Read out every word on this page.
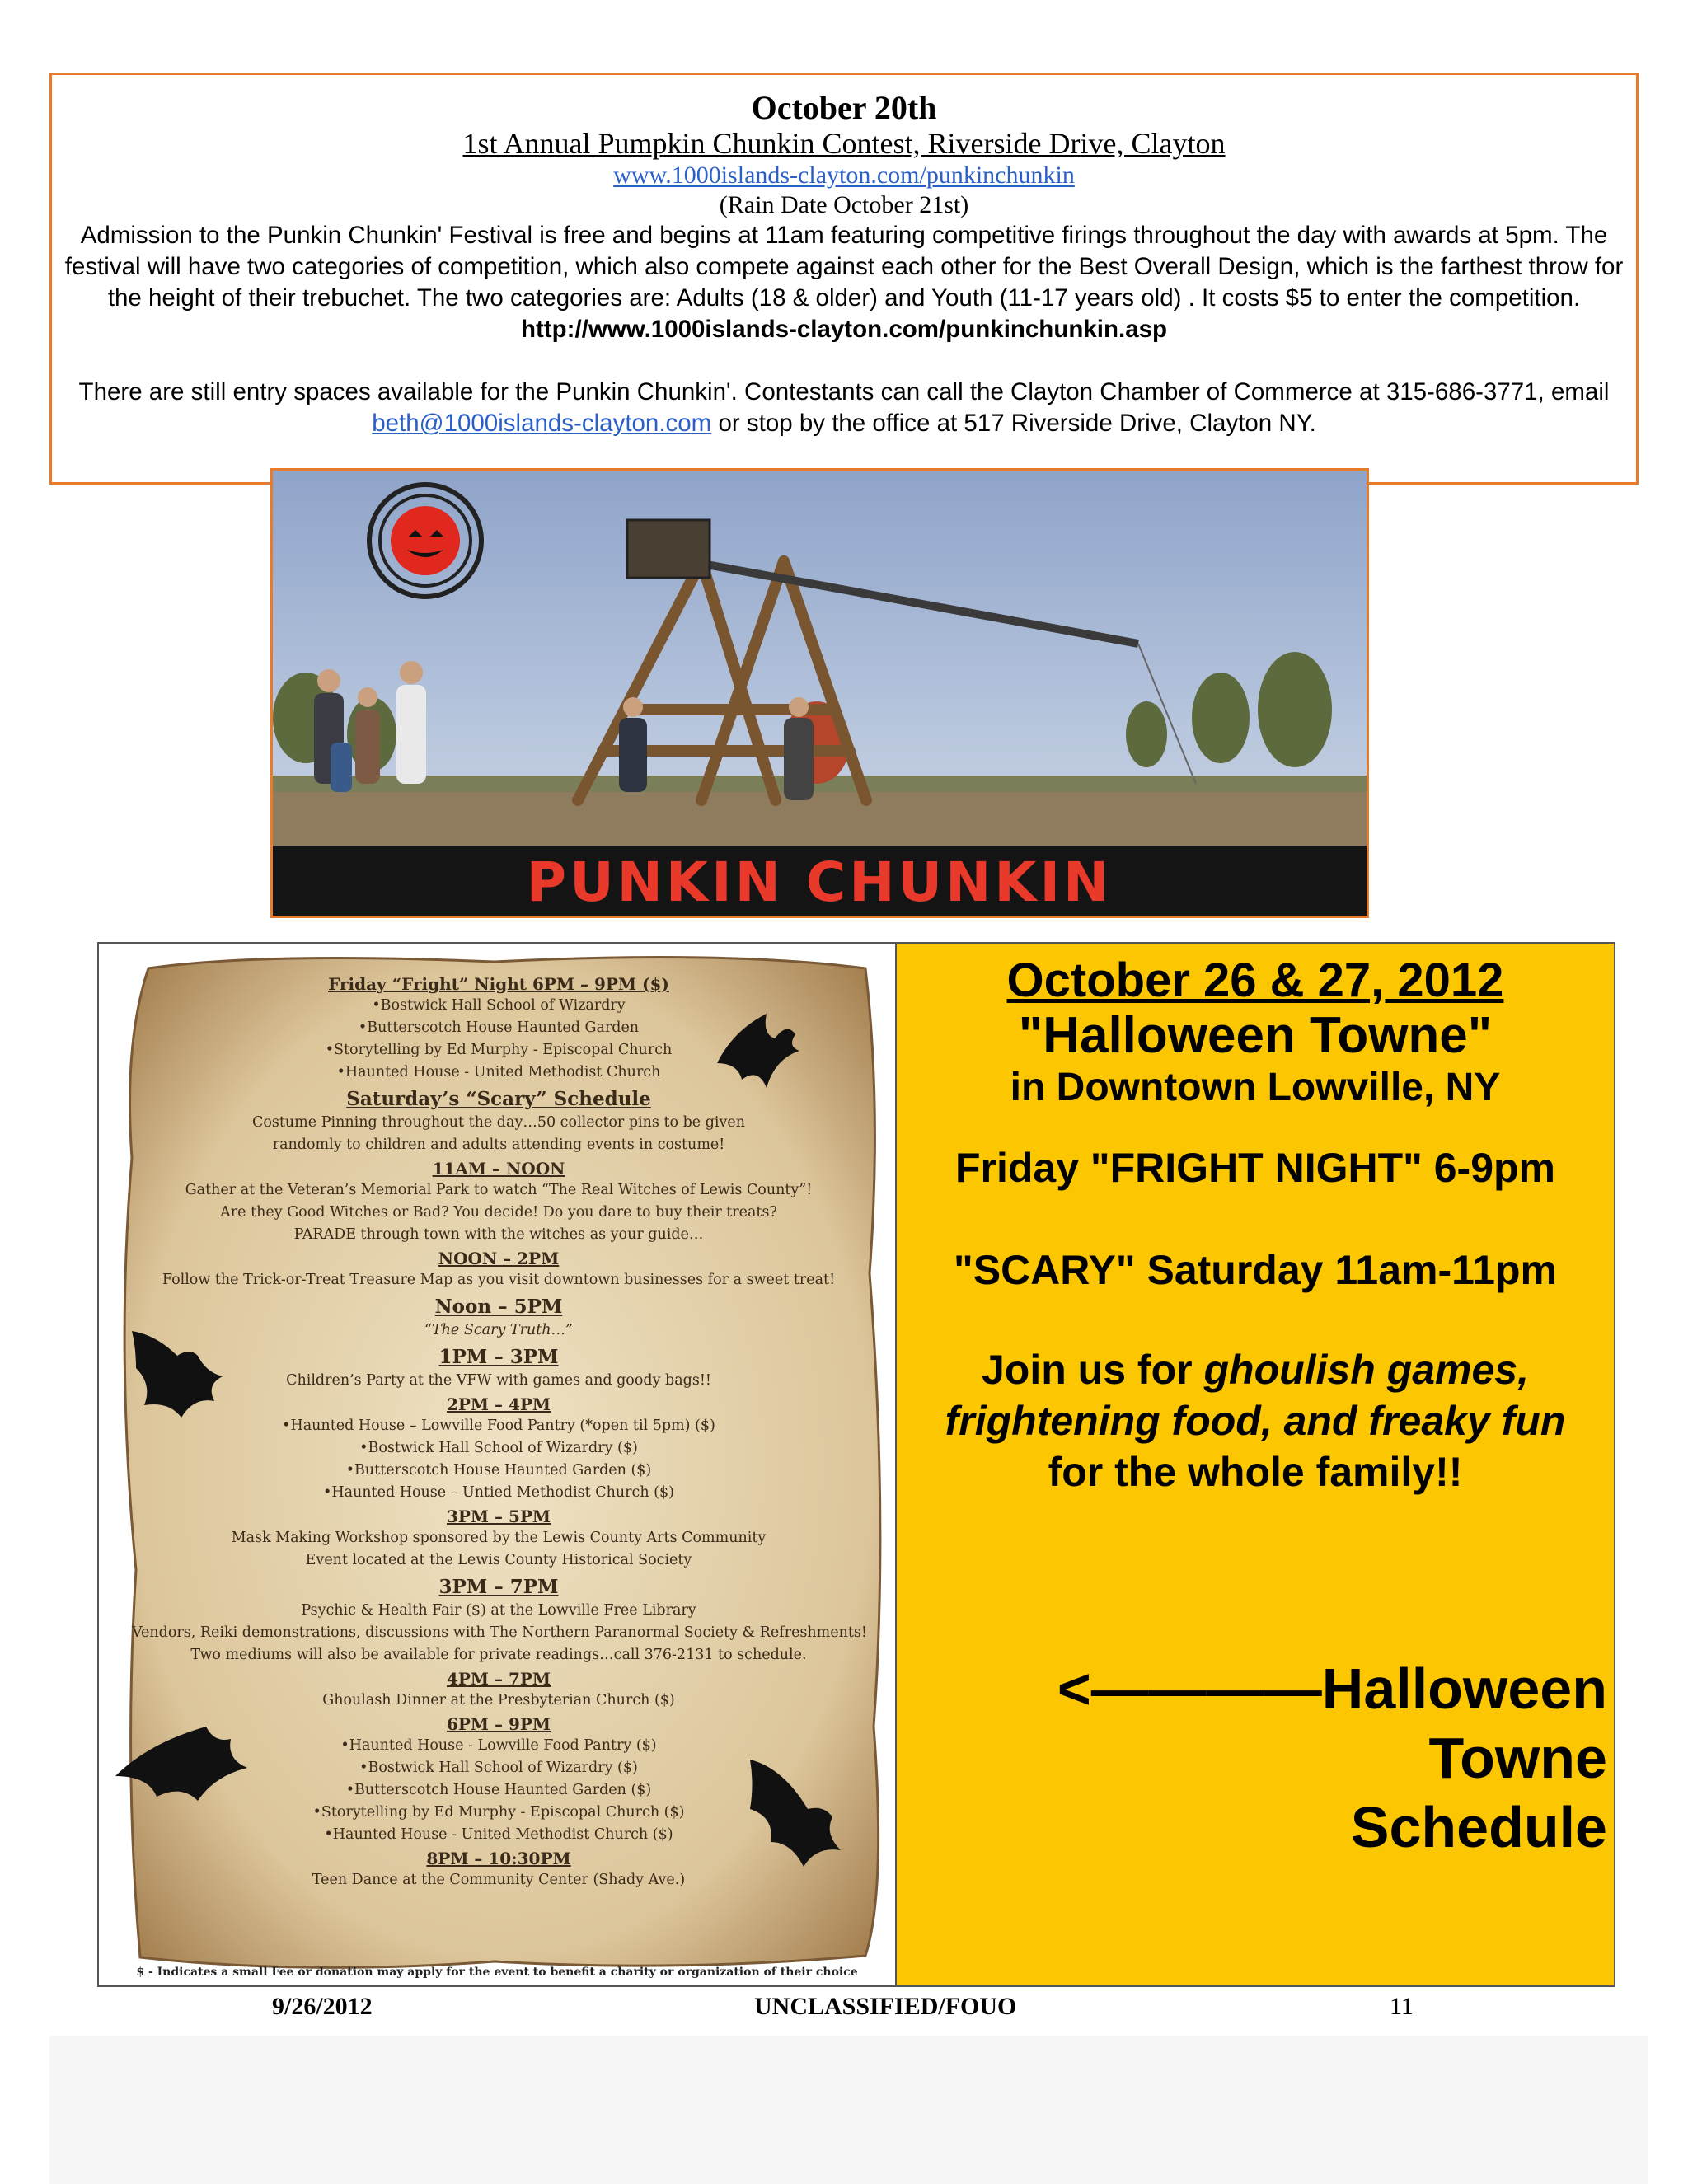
October 20th
1st Annual Pumpkin Chunkin Contest, Riverside Drive, Clayton
www.1000islands-clayton.com/punkinchunkin
(Rain Date October 21st)
Admission to the Punkin Chunkin' Festival is free and begins at 11am featuring competitive firings throughout the day with awards at 5pm. The festival will have two categories of competition, which also compete against each other for the Best Overall Design, which is the farthest throw for the height of their trebuchet. The two categories are: Adults (18 & older) and Youth (11-17 years old) . It costs $5 to enter the competition. http://www.1000islands-clayton.com/punkinchunkin.asp
There are still entry spaces available for the Punkin Chunkin'. Contestants can call the Clayton Chamber of Commerce at 315-686-3771, email beth@1000islands-clayton.com or stop by the office at 517 Riverside Drive, Clayton NY.
PUNKIN CHUNKIN
Friday “Fright” Night 6PM – 9PM ($)
•Bostwick Hall School of Wizardry
•Butterscotch House Haunted Garden
•Storytelling by Ed Murphy - Episcopal Church
•Haunted House - United Methodist Church
Saturday’s “Scary” Schedule
Costume Pinning throughout the day…50 collector pins to be given
randomly to children and adults attending events in costume!
11AM – NOON
Gather at the Veteran’s Memorial Park to watch “The Real Witches of Lewis County”!
Are they Good Witches or Bad? You decide! Do you dare to buy their treats?
PARADE through town with the witches as your guide…
NOON – 2PM
Follow the Trick-or-Treat Treasure Map as you visit downtown businesses for a sweet treat!
Noon – 5PM
“The Scary Truth…”
1PM – 3PM
Children’s Party at the VFW with games and goody bags!!
2PM – 4PM
•Haunted House – Lowville Food Pantry (*open til 5pm) ($)
•Bostwick Hall School of Wizardry ($)
•Butterscotch House Haunted Garden ($)
•Haunted House – Untied Methodist Church ($)
3PM – 5PM
Mask Making Workshop sponsored by the Lewis County Arts Community
Event located at the Lewis County Historical Society
3PM – 7PM
Psychic & Health Fair ($) at the Lowville Free Library
Vendors, Reiki demonstrations, discussions with The Northern Paranormal Society & Refreshments!
Two mediums will also be available for private readings…call 376-2131 to schedule.
4PM – 7PM
Ghoulash Dinner at the Presbyterian Church ($)
6PM – 9PM
•Haunted House - Lowville Food Pantry ($)
•Bostwick Hall School of Wizardry ($)
•Butterscotch House Haunted Garden ($)
•Storytelling by Ed Murphy - Episcopal Church ($)
•Haunted House - United Methodist Church ($)
8PM – 10:30PM
Teen Dance at the Community Center (Shady Ave.)
$ - Indicates a small Fee or donation may apply for the event to benefit a charity or organization of their choice
October 26 & 27, 2012
"Halloween Towne"
in Downtown Lowville, NY
Friday "FRIGHT NIGHT" 6-9pm
"SCARY" Saturday 11am-11pm
Join us for ghoulish games, frightening food, and freaky fun
for the whole family!!
<————Halloween
Towne
Schedule
9/26/2012	UNCLASSIFIED/FOUO	11
